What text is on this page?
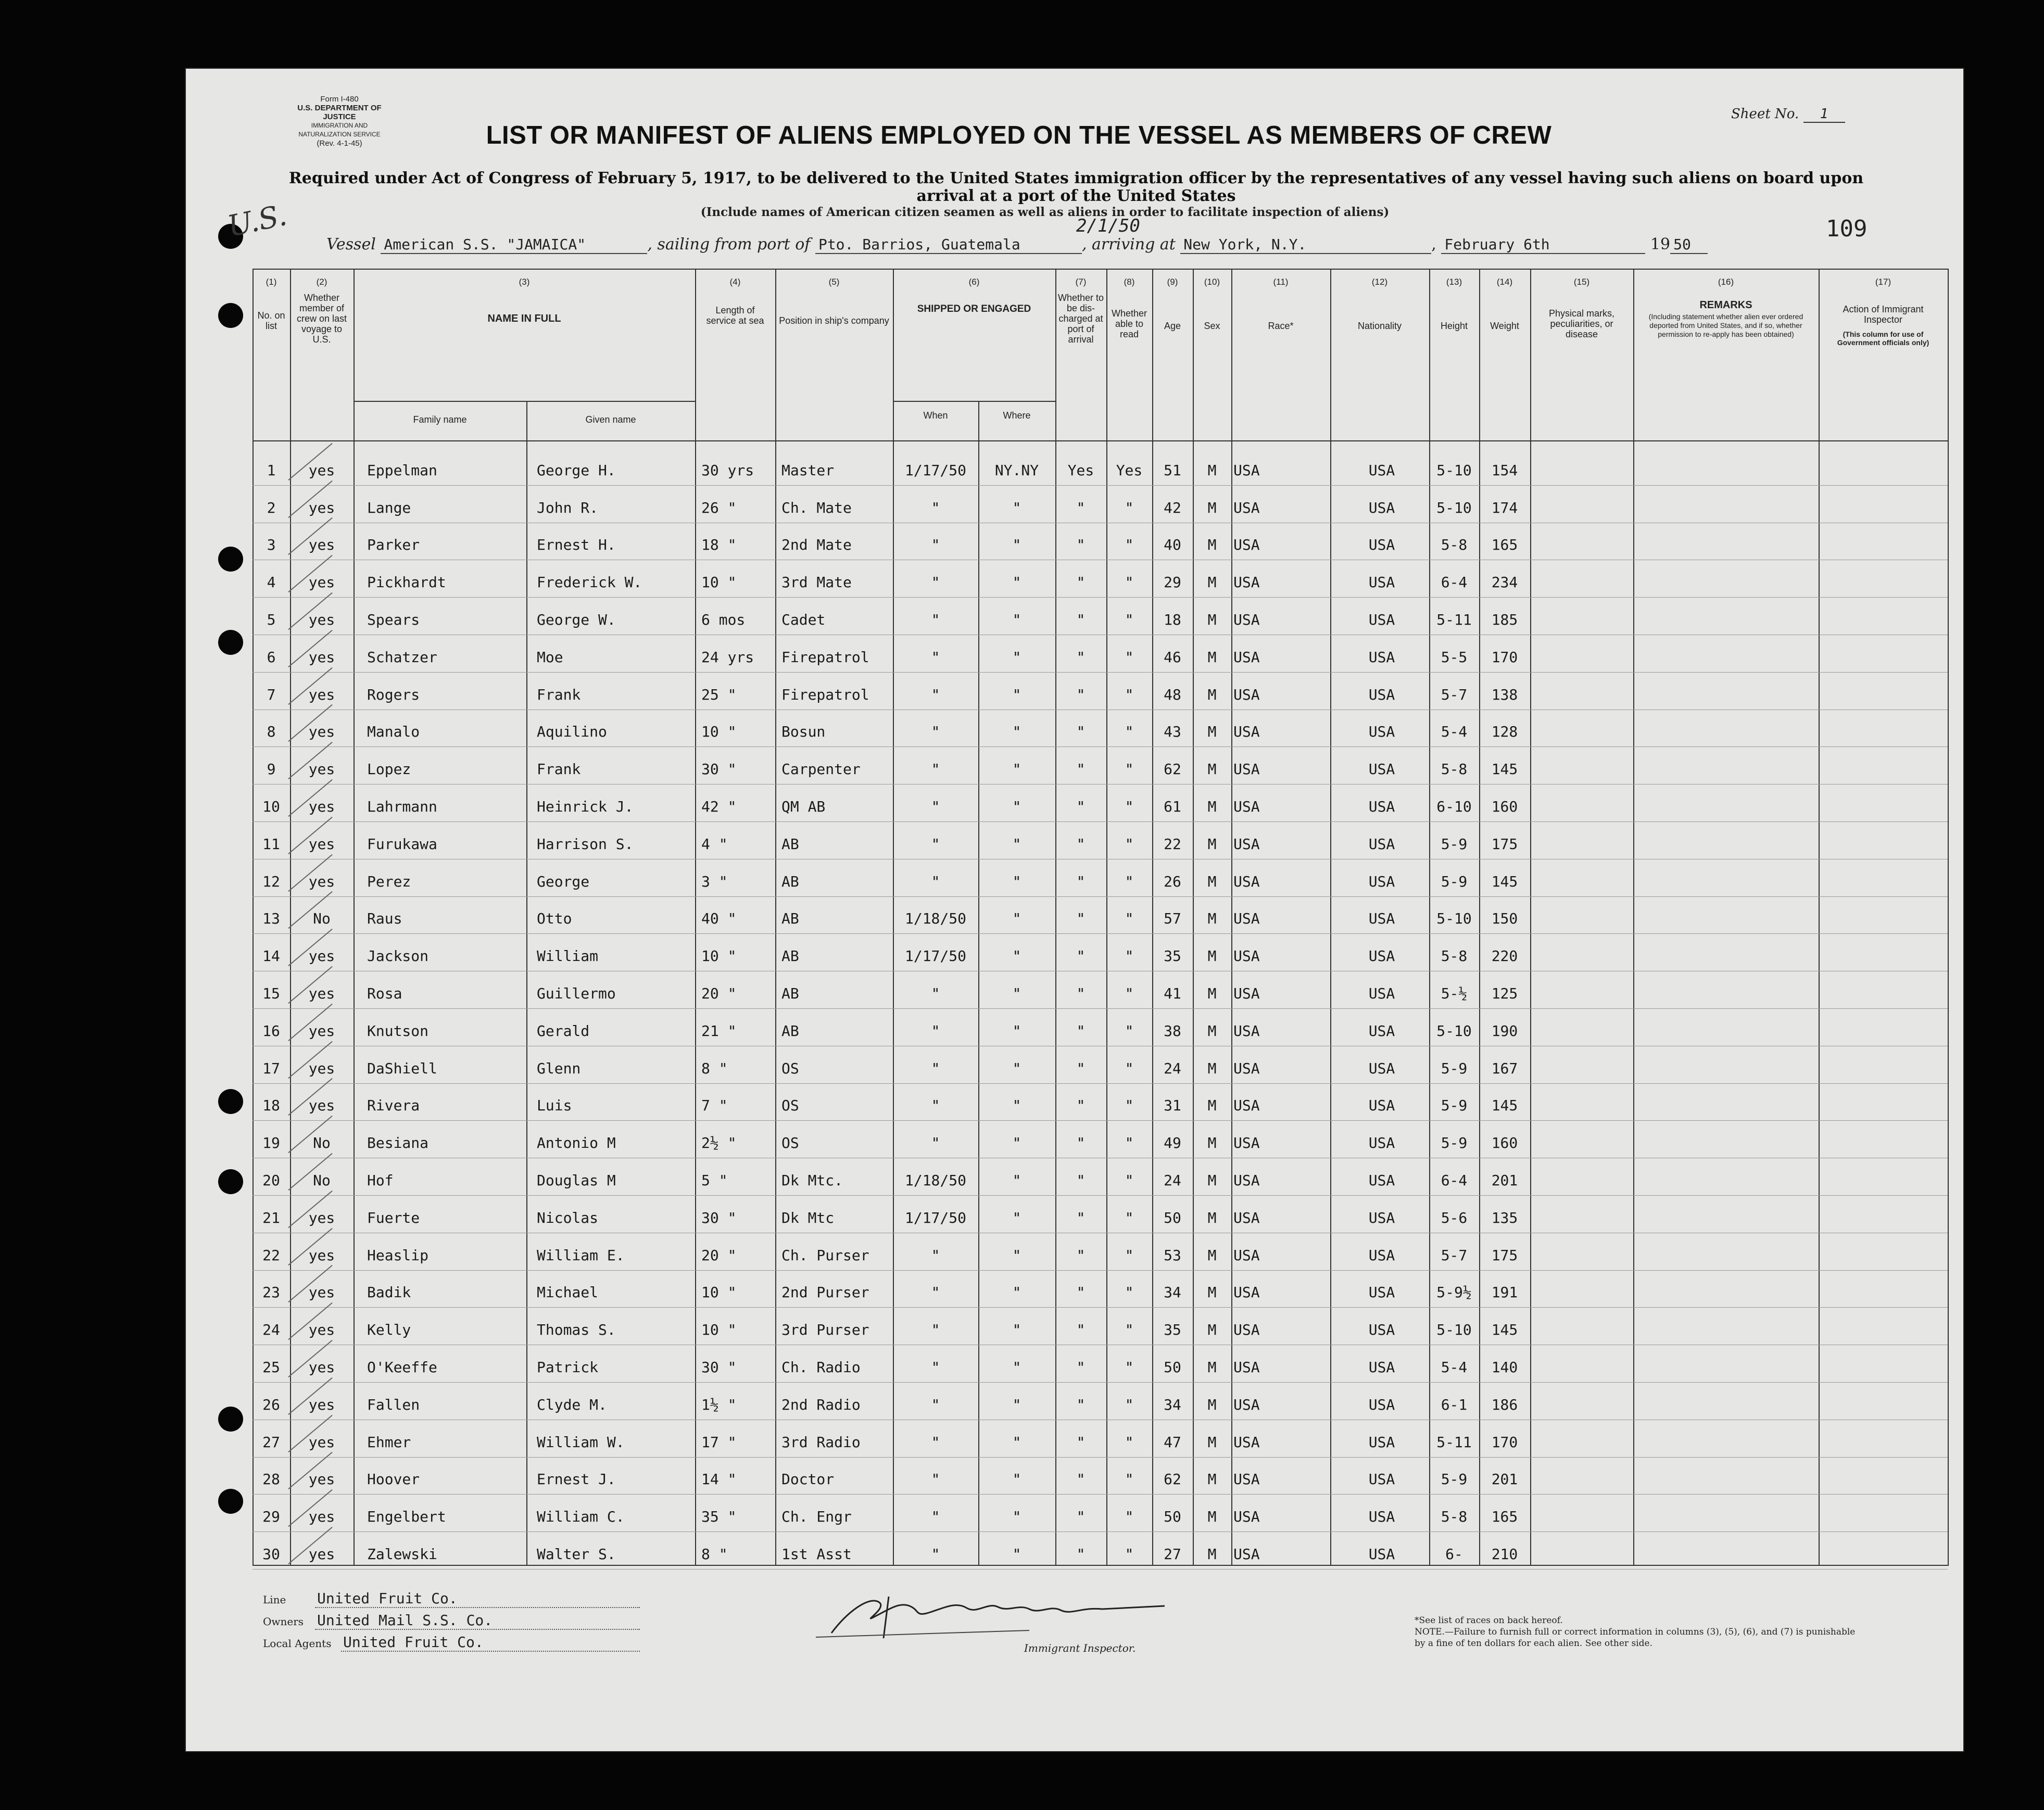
Form I-480
U.S. DEPARTMENT OF JUSTICE
IMMIGRATION AND NATURALIZATION SERVICE
(Rev. 4-1-45)	LIST OR MANIFEST OF ALIENS EMPLOYED ON THE VESSEL AS MEMBERS OF CREW
Sheet No. 1
Required under Act of Congress of February 5, 1917, to be delivered to the United States immigration officer by the representatives of any vessel having such aliens on board upon arrival at a port of the United States
(Include names of American citizen seamen as well as aliens in order to facilitate inspection of aliens)
109
U.S.	2/1/50
Vessel American S.S. "JAMAICA"	, sailing from port of Pto. Barrios, Guatemala	, arriving at New York, N.Y.	, February 6th	19 50
(1)	(2)	(3)	(4)	(5)	(6)	(7)	(8)	(9)	(10)	(11)	(12)	(13)	(14)	(15)	(16)	(17)
No. on list
Whether member of crew on last voyage to U.S.
NAME IN FULL
Family name	Given name
Length of service at sea	Position in ship's company
SHIPPED OR ENGAGED
When	Where
Whether to be dis-charged at port of arrival
Whether able to read
Age	Sex	Race*	Nationality	Height	Weight
Physical marks, peculiarities, or disease
REMARKS
(Including statement whether alien ever ordered deported from United States, and if so, whether permission to re-apply has been obtained)
Action of Immigrant Inspector
(This column for use of Government officials only)
1	yes	Eppelman	George H.	30 yrs	Master	1/17/50	NY.NY	Yes	Yes	51	M	USA	USA	5-10	154
2	yes	Lange	John R.	26 "	Ch. Mate	"	"	"	"	42	M	USA	USA	5-10	174
3	yes	Parker	Ernest H.	18 "	2nd Mate	"	"	"	"	40	M	USA	USA	5-8	165
4	yes	Pickhardt	Frederick W.	10 "	3rd Mate	"	"	"	"	29	M	USA	USA	6-4	234
5	yes	Spears	George W.	6 mos	Cadet	"	"	"	"	18	M	USA	USA	5-11	185
6	yes	Schatzer	Moe	24 yrs	Firepatrol	"	"	"	"	46	M	USA	USA	5-5	170
7	yes	Rogers	Frank	25 "	Firepatrol	"	"	"	"	48	M	USA	USA	5-7	138
8	yes	Manalo	Aquilino	10 "	Bosun	"	"	"	"	43	M	USA	USA	5-4	128
9	yes	Lopez	Frank	30 "	Carpenter	"	"	"	"	62	M	USA	USA	5-8	145
10	yes	Lahrmann	Heinrick J.	42 "	QM AB	"	"	"	"	61	M	USA	USA	6-10	160
11	yes	Furukawa	Harrison S.	4 "	AB	"	"	"	"	22	M	USA	USA	5-9	175
12	yes	Perez	George	3 "	AB	"	"	"	"	26	M	USA	USA	5-9	145
13	No	Raus	Otto	40 "	AB	1/18/50	"	"	"	57	M	USA	USA	5-10	150
14	yes	Jackson	William	10 "	AB	1/17/50	"	"	"	35	M	USA	USA	5-8	220
15	yes	Rosa	Guillermo	20 "	AB	"	"	"	"	41	M	USA	USA	5-½	125
16	yes	Knutson	Gerald	21 "	AB	"	"	"	"	38	M	USA	USA	5-10	190
17	yes	DaShiell	Glenn	8 "	OS	"	"	"	"	24	M	USA	USA	5-9	167
18	yes	Rivera	Luis	7 "	OS	"	"	"	"	31	M	USA	USA	5-9	145
19	No	Besiana	Antonio M	2½ "	OS	"	"	"	"	49	M	USA	USA	5-9	160
20	No	Hof	Douglas M	5 "	Dk Mtc.	1/18/50	"	"	"	24	M	USA	USA	6-4	201
21	yes	Fuerte	Nicolas	30 "	Dk Mtc	1/17/50	"	"	"	50	M	USA	USA	5-6	135
22	yes	Heaslip	William E.	20 "	Ch. Purser	"	"	"	"	53	M	USA	USA	5-7	175
23	yes	Badik	Michael	10 "	2nd Purser	"	"	"	"	34	M	USA	USA	5-9½	191
24	yes	Kelly	Thomas S.	10 "	3rd Purser	"	"	"	"	35	M	USA	USA	5-10	145
25	yes	O'Keeffe	Patrick	30 "	Ch. Radio	"	"	"	"	50	M	USA	USA	5-4	140
26	yes	Fallen	Clyde M.	1½ "	2nd Radio	"	"	"	"	34	M	USA	USA	6-1	186
27	yes	Ehmer	William W.	17 "	3rd Radio	"	"	"	"	47	M	USA	USA	5-11	170
28	yes	Hoover	Ernest J.	14 "	Doctor	"	"	"	"	62	M	USA	USA	5-9	201
29	yes	Engelbert	William C.	35 "	Ch. Engr	"	"	"	"	50	M	USA	USA	5-8	165
30	yes	Zalewski	Walter S.	8 "	1st Asst	"	"	"	"	27	M	USA	USA	6-	210
Line United Fruit Co.
Owners United Mail S.S. Co.
Local Agents United Fruit Co.	Immigrant Inspector.
*See list of races on back hereof.
NOTE.—Failure to furnish full or correct information in columns (3), (5), (6), and (7) is punishable by a fine of ten dollars for each alien. See other side.
